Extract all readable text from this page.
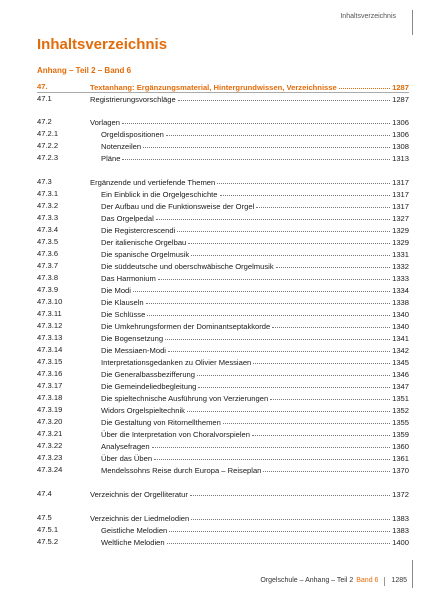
Inhaltsverzeichnis
Inhaltsverzeichnis
Anhang – Teil 2 – Band 6
47.	Textanhang: Ergänzungsmaterial, Hintergrundwissen, Verzeichnisse	1287
47.1	Registrierungsvorschläge	1287
47.2	Vorlagen	1306
47.2.1	Orgeldispositionen	1306
47.2.2	Notenzeilen	1308
47.2.3	Pläne	1313
47.3	Ergänzende und vertiefende Themen	1317
47.3.1	Ein Einblick in die Orgelgeschichte	1317
47.3.2	Der Aufbau und die Funktionsweise der Orgel	1317
47.3.3	Das Orgelpedal	1327
47.3.4	Die Registercrescendi	1329
47.3.5	Der italienische Orgelbau	1329
47.3.6	Die spanische Orgelmusik	1331
47.3.7	Die süddeutsche und oberschwäbische Orgelmusik	1332
47.3.8	Das Harmonium	1333
47.3.9	Die Modi	1334
47.3.10	Die Klauseln	1338
47.3.11	Die Schlüsse	1340
47.3.12	Die Umkehrungsformen der Dominantseptakkorde	1340
47.3.13	Die Bogensetzung	1341
47.3.14	Die Messiaen-Modi	1342
47.3.15	Interpretationsgedanken zu Olivier Messiaen	1345
47.3.16	Die Generalbassbezifferung	1346
47.3.17	Die Gemeindeliedbegleitung	1347
47.3.18	Die spieltechnische Ausführung von Verzierungen	1351
47.3.19	Widors Orgelspieltechnik	1352
47.3.20	Die Gestaltung von Ritornellthemen	1355
47.3.21	Über die Interpretation von Choralvorspielen	1359
47.3.22	Analysefragen	1360
47.3.23	Über das Üben	1361
47.3.24	Mendelssohns Reise durch Europa – Reiseplan	1370
47.4	Verzeichnis der Orgelliteratur	1372
47.5	Verzeichnis der Liedmelodien	1383
47.5.1	Geistliche Melodien	1383
47.5.2	Weltliche Melodien	1400
Orgelschule – Anhang – Teil 2 Band 6 1285
